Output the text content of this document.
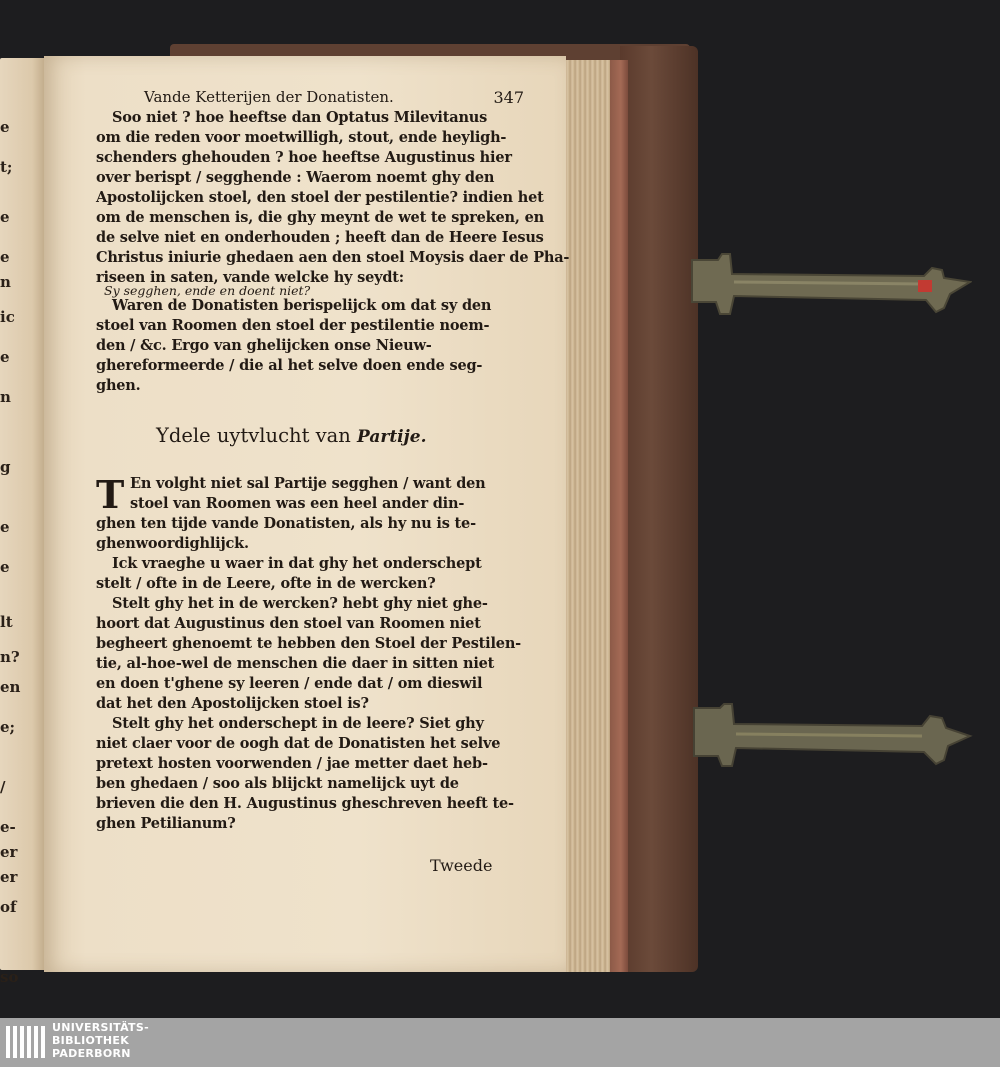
e
t;
e
e
n
ic
e
n
g
e
e
lt
n?
en
e;
/
e-
er
er
of
so
Vande Ketterijen der Donatisten.	347
Soo niet ? hoe heeftse dan Optatus Milevitanus
om die reden voor moetwilligh, stout, ende heyligh-
schenders ghehouden ? hoe heeftse Augustinus hier
over berispt / segghende : Waerom noemt ghy den
Apostolijcken stoel, den stoel der pestilentie? indien het
om de menschen is, die ghy meynt de wet te spreken, en
de selve niet en onderhouden ; heeft dan de Heere Iesus
Christus iniurie ghedaen aen den stoel Moysis daer de Pha-
riseen in saten, vande welcke hy seydt:
Sy segghen, ende en doent niet?
Waren de Donatisten berispelijck om dat sy den
stoel van Roomen den stoel der pestilentie noem-
den / &c. Ergo van ghelijcken onse Nieuw-
ghereformeerde / die al het selve doen ende seg-
ghen.
Ydele uytvlucht van Partije.
T En volght niet sal Partije segghen / want den
stoel van Roomen was een heel ander din-
ghen ten tijde vande Donatisten, als hy nu is te-
ghenwoordighlijck.
Ick vraeghe u waer in dat ghy het onderschept
stelt / ofte in de Leere, ofte in de wercken?
Stelt ghy het in de wercken? hebt ghy niet ghe-
hoort dat Augustinus den stoel van Roomen niet
begheert ghenoemt te hebben den Stoel der Pestilen-
tie, al-hoe-wel de menschen die daer in sitten niet
en doen t'ghene sy leeren / ende dat / om dieswil
dat het den Apostolijcken stoel is?
Stelt ghy het onderschept in de leere? Siet ghy
niet claer voor de oogh dat de Donatisten het selve
pretext hosten voorwenden / jae metter daet heb-
ben ghedaen / soo als blijckt namelijck uyt de
brieven die den H. Augustinus gheschreven heeft te-
ghen Petilianum?
Tweede
UNIVERSITÄTS-
BIBLIOTHEK
PADERBORN
